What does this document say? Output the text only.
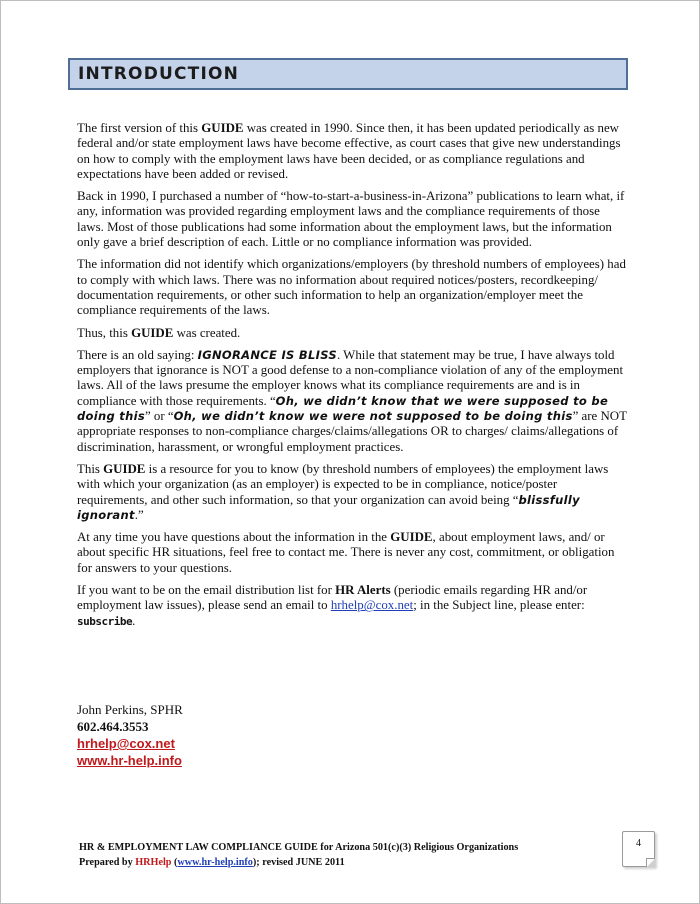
INTRODUCTION

The first version of this GUIDE was created in 1990. Since then, it has been updated periodically as new federal and/or state employment laws have become effective, as court cases that give new understandings on how to comply with the employment laws have been decided, or as compliance regulations and expectations have been added or revised.

Back in 1990, I purchased a number of “how-to-start-a-business-in-Arizona” publications to learn what, if any, information was provided regarding employment laws and the compliance requirements of those laws. Most of those publications had some information about the employment laws, but the information only gave a brief description of each. Little or no compliance information was provided.

The information did not identify which organizations/employers (by threshold numbers of employees) had to comply with which laws. There was no information about required notices/posters, recordkeeping/ documentation requirements, or other such information to help an organization/employer meet the compliance requirements of the laws.

Thus, this GUIDE was created.

There is an old saying: IGNORANCE IS BLISS. While that statement may be true, I have always told employers that ignorance is NOT a good defense to a non-compliance violation of any of the employment laws. All of the laws presume the employer knows what its compliance requirements are and is in compliance with those requirements. “Oh, we didn’t know that we were supposed to be doing this” or “Oh, we didn’t know we were not supposed to be doing this” are NOT appropriate responses to non-compliance charges/claims/allegations OR to charges/ claims/allegations of discrimination, harassment, or wrongful employment practices.

This GUIDE is a resource for you to know (by threshold numbers of employees) the employment laws with which your organization (as an employer) is expected to be in compliance, notice/poster requirements, and other such information, so that your organization can avoid being “blissfully ignorant.”

At any time you have questions about the information in the GUIDE, about employment laws, and/ or about specific HR situations, feel free to contact me. There is never any cost, commitment, or obligation for answers to your questions.

If you want to be on the email distribution list for HR Alerts (periodic emails regarding HR and/or employment law issues), please send an email to hrhelp@cox.net; in the Subject line, please enter:
subscribe.

John Perkins, SPHR
602.464.3553
hrhelp@cox.net
www.hr-help.info
HR & EMPLOYMENT LAW COMPLIANCE GUIDE for Arizona 501(c)(3) Religious Organizations
Prepared by HRHelp (www.hr-help.info); revised JUNE 2011
4
